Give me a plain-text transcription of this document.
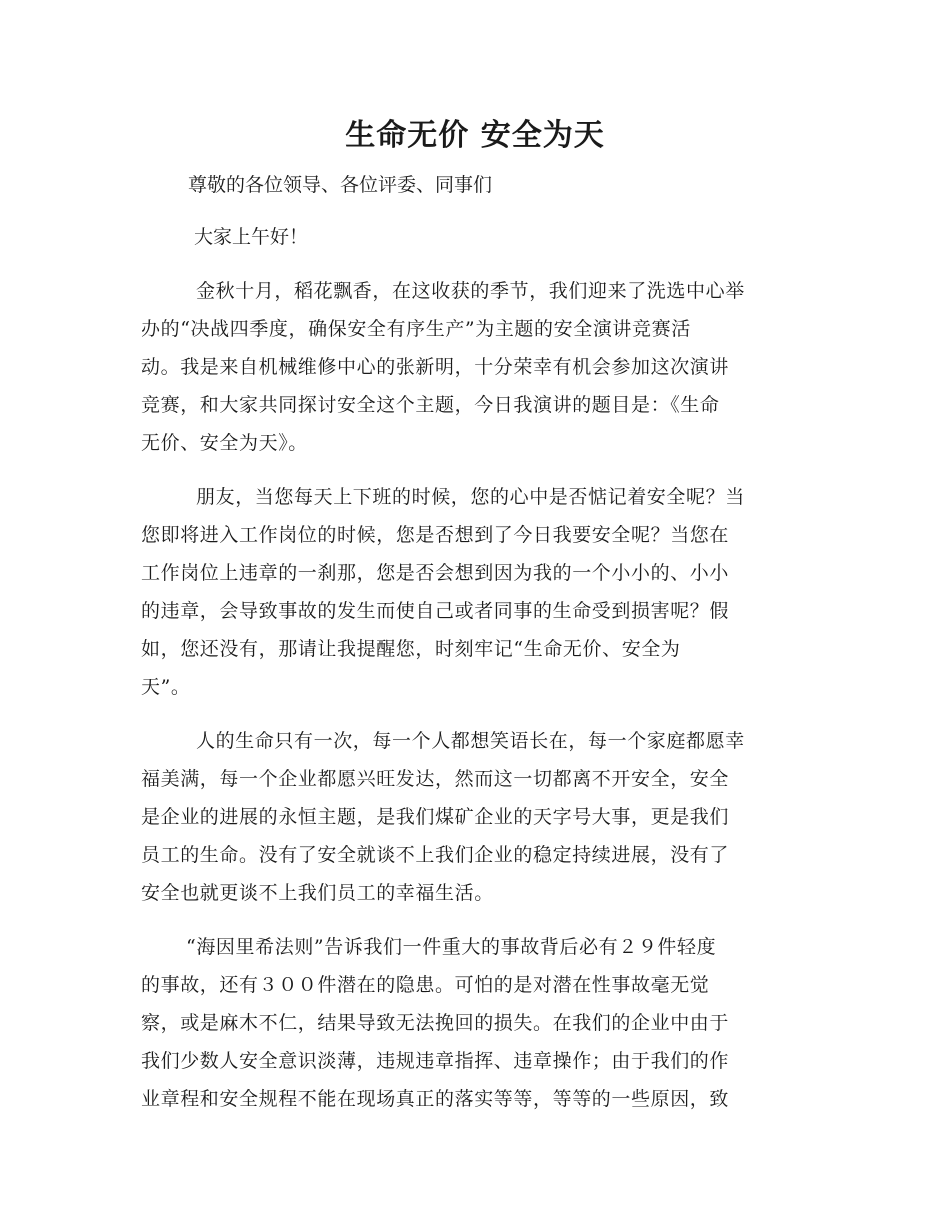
生命无价 安全为天
尊敬的各位领导、各位评委、同事们
大家上午好！
金秋十月，稻花飘香，在这收获的季节，我们迎来了洗选中心举
办的“决战四季度，确保安全有序生产”为主题的安全演讲竞赛活
动。我是来自机械维修中心的张新明，十分荣幸有机会参加这次演讲
竞赛，和大家共同探讨安全这个主题，今日我演讲的题目是：《生命
无价、安全为天》。
朋友，当您每天上下班的时候，您的心中是否惦记着安全呢？当
您即将进入工作岗位的时候，您是否想到了今日我要安全呢？当您在
工作岗位上违章的一刹那，您是否会想到因为我的一个小小的、小小
的违章，会导致事故的发生而使自己或者同事的生命受到损害呢？假
如，您还没有，那请让我提醒您，时刻牢记“生命无价、安全为
天”。
人的生命只有一次，每一个人都想笑语长在，每一个家庭都愿幸
福美满，每一个企业都愿兴旺发达，然而这一切都离不开安全，安全
是企业的进展的永恒主题，是我们煤矿企业的天字号大事，更是我们
员工的生命。没有了安全就谈不上我们企业的稳定持续进展，没有了
安全也就更谈不上我们员工的幸福生活。
“海因里希法则”告诉我们一件重大的事故背后必有２９件轻度
的事故，还有３００件潜在的隐患。可怕的是对潜在性事故毫无觉
察，或是麻木不仁，结果导致无法挽回的损失。在我们的企业中由于
我们少数人安全意识淡薄，违规违章指挥、违章操作；由于我们的作
业章程和安全规程不能在现场真正的落实等等，等等的一些原因，致
